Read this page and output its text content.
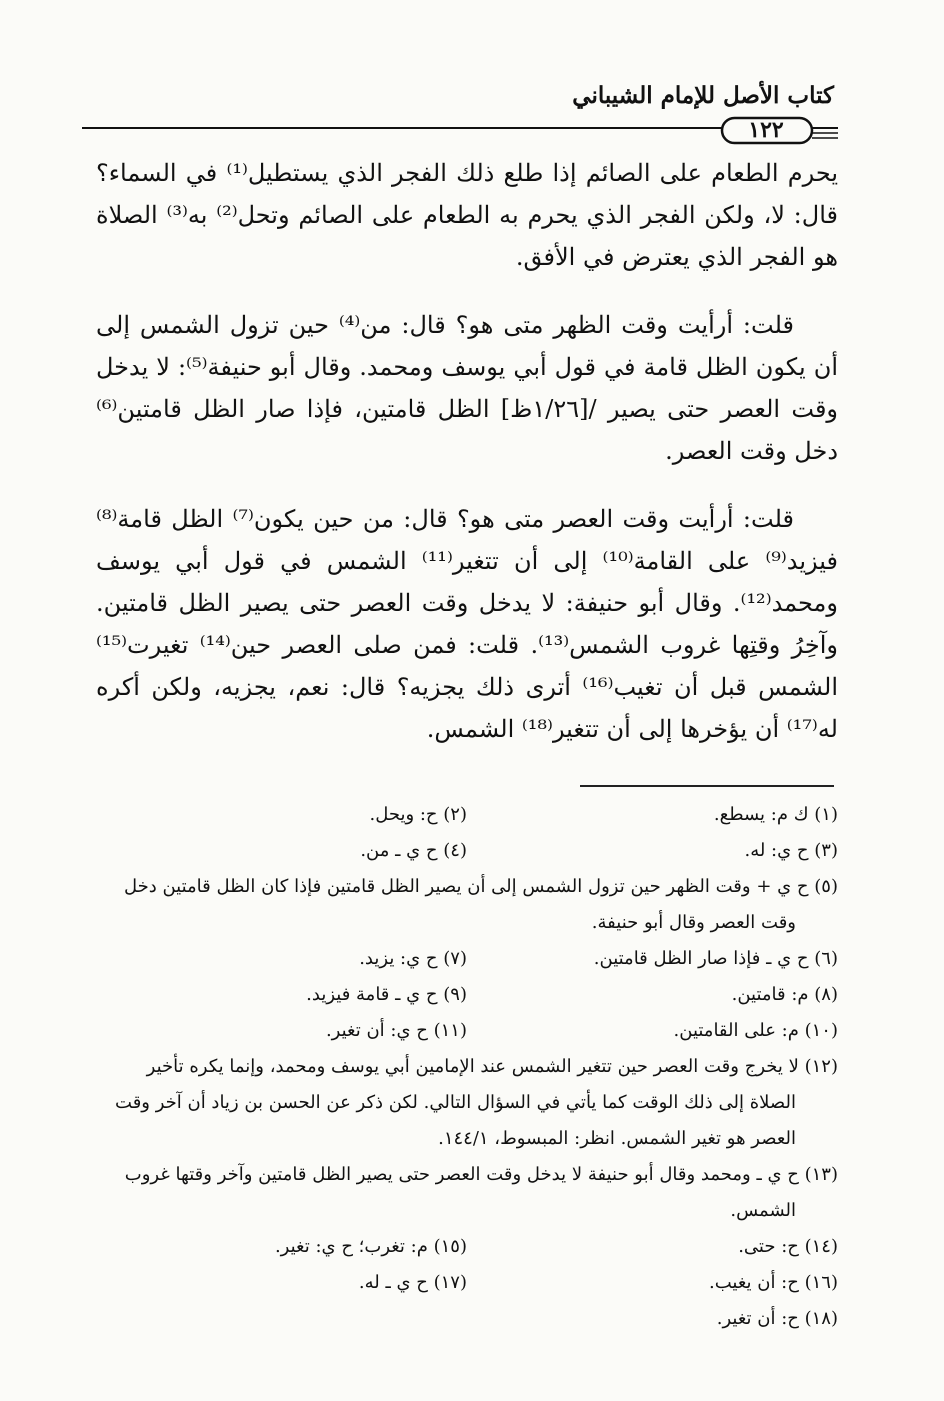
كتاب الأصل للإمام الشيباني
١٢٢

يحرم الطعام على الصائم إذا طلع ذلك الفجر الذي يستطيل⁽¹⁾ في السماء؟ قال: لا، ولكن الفجر الذي يحرم به الطعام على الصائم وتحل⁽²⁾ به⁽³⁾ الصلاة هو الفجر الذي يعترض في الأفق.

قلت: أرأيت وقت الظهر متى هو؟ قال: من⁽⁴⁾ حين تزول الشمس إلى أن يكون الظل قامة في قول أبي يوسف ومحمد. وقال أبو حنيفة⁽⁵⁾: لا يدخل وقت العصر حتى يصير /[١/٢٦ظ] الظل قامتين، فإذا صار الظل قامتين⁽⁶⁾ دخل وقت العصر.

قلت: أرأيت وقت العصر متى هو؟ قال: من حين يكون⁽⁷⁾ الظل قامة⁽⁸⁾ فيزيد⁽⁹⁾ على القامة⁽¹⁰⁾ إلى أن تتغير⁽¹¹⁾ الشمس في قول أبي يوسف ومحمد⁽¹²⁾. وقال أبو حنيفة: لا يدخل وقت العصر حتى يصير الظل قامتين. وآخِرُ وقتِها غروب الشمس⁽¹³⁾. قلت: فمن صلى العصر حين⁽¹⁴⁾ تغيرت⁽¹⁵⁾ الشمس قبل أن تغيب⁽¹⁶⁾ أترى ذلك يجزيه؟ قال: نعم، يجزيه، ولكن أكره له⁽¹⁷⁾ أن يؤخرها إلى أن تتغير⁽¹⁸⁾ الشمس.

(١) ك م: يسطع.
(٢) ح: ويحل.
(٣) ح ي: له.
(٤) ح ي ـ من.
(٥) ح ي + وقت الظهر حين تزول الشمس إلى أن يصير الظل قامتين فإذا كان الظل قامتين دخل وقت العصر وقال أبو حنيفة.
(٦) ح ي ـ فإذا صار الظل قامتين.
(٧) ح ي: يزيد.
(٨) م: قامتين.
(٩) ح ي ـ قامة فيزيد.
(١٠) م: على القامتين.
(١١) ح ي: أن تغير.
(١٢) لا يخرج وقت العصر حين تتغير الشمس عند الإمامين أبي يوسف ومحمد، وإنما يكره تأخير الصلاة إلى ذلك الوقت كما يأتي في السؤال التالي. لكن ذكر عن الحسن بن زياد أن آخر وقت العصر هو تغير الشمس. انظر: المبسوط، ١٤٤/١.
(١٣) ح ي ـ ومحمد وقال أبو حنيفة لا يدخل وقت العصر حتى يصير الظل قامتين وآخر وقتها غروب الشمس.
(١٤) ح: حتى.
(١٥) م: تغرب؛ ح ي: تغير.
(١٦) ح: أن يغيب.
(١٧) ح ي ـ له.
(١٨) ح: أن تغير.
